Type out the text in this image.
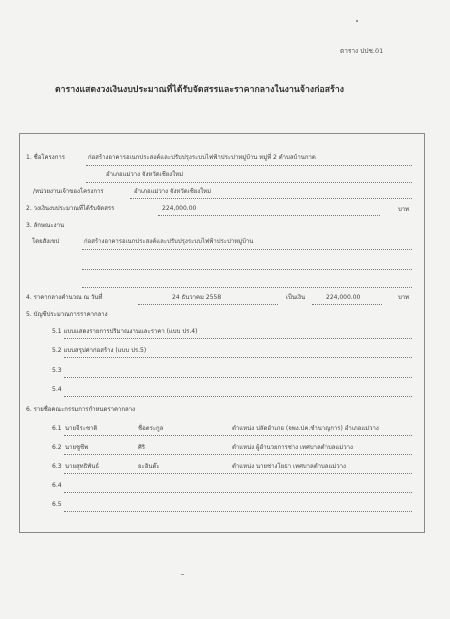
ตาราง ปปช.01
ตารางแสดงวงเงินงบประมาณที่ได้รับจัดสรรและราคากลางในงานจ้างก่อสร้าง
1. ชื่อโครงการ	ก่อสร้างอาคารอเนกประสงค์และปรับปรุงระบบไฟฟ้าประปาหมู่บ้าน หมู่ที่ 2 ตำบลบ้านกาด
อำเภอแม่วาง จังหวัดเชียงใหม่
/หน่วยงานเจ้าของโครงการ	อำเภอแม่วาง จังหวัดเชียงใหม่
2. วงเงินงบประมาณที่ได้รับจัดสรร	224,000.00	บาท
3. ลักษณะงาน
โดยสังเขป	ก่อสร้างอาคารอเนกประสงค์และปรับปรุงระบบไฟฟ้าประปาหมู่บ้าน
4. ราคากลางคำนวณ ณ วันที่	24 ธันวาคม 2558	เป็นเงิน	224,000.00	บาท
5. บัญชีประมาณการราคากลาง
5.1 แบบแสดงรายการปริมาณงานและราคา (แบบ ปร.4)
5.2 แบบสรุปค่าก่อสร้าง (แบบ ปร.5)
5.3
5.4
6. รายชื่อคณะกรรมการกำหนดราคากลาง
6.1 นายจีระชาติ	ชื่อตระกูล	ตำแหน่ง ปลัดอำเภอ (จพง.ปค.ชำนาญการ) อำเภอแม่วาง
6.2 นายชูชีพ	ศิริ	ตำแหน่ง ผู้อำนวยการช่าง เทศบาลตำบลแม่วาง
6.3 นายสุทธิพันธ์	ยะอินต๊ะ	ตำแหน่ง นายช่างโยธา เทศบาลตำบลแม่วาง
6.4
6.5
